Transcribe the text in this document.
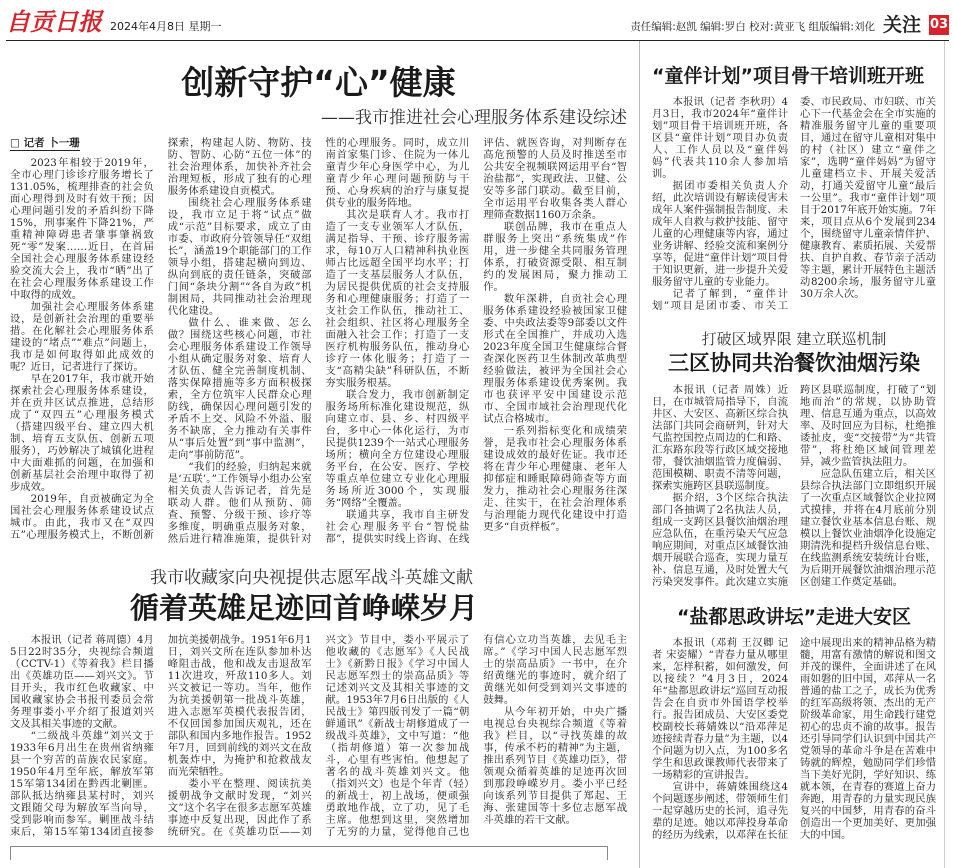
自贡日报 2024年4月8日 星期一	责任编辑:赵凯 编辑:罗白 校对:黄亚飞 组版编辑:刘化 关注 03
创新守护“心”健康
——我市推进社会心理服务体系建设综述
□ 记者 卜一珊

2023年相较于2019年，全市心理门诊诊疗服务增长了131.05%，梳理排查的社会负面心理得到及时有效干预；因心理问题引发的矛盾纠纷下降15%，刑事案件下降21%，严重精神障碍患者肇事肇祸致死“零”发案……近日，在首届全国社会心理服务体系建设经验交流大会上，我市“晒”出了在社会心理服务体系建设工作中取得的成效。

加强社会心理服务体系建设，是创新社会治理的重要举措。在化解社会心理服务体系建设的“堵点”“难点”问题上，我市是如何取得如此成效的呢？近日，记者进行了探访。

早在2017年，我市就开始探索社会心理服务体系建设，并在贡井区试点推进，总结形成了“双四五”心理服务模式（搭建四级平台、建立四大机制、培育五支队伍、创新五项服务），巧妙解决了城镇化进程中大面难抓的问题，在加强和创新基层社会治理中取得了初步成效。

2019年，自贡被确定为全国社会心理服务体系建设试点城市。由此，我市又在“双四五”心理服务模式上，不断创新探索，构建起人防、物防、技防、智防、心防“五位一体”的社会治理体系，加快补齐社会治理短板，形成了独有的心理服务体系建设自贡模式。

围绕社会心理服务体系建设，我市立足于将“试点”做成“示范”目标要求，成立了由市委、市政府分管领导任“双组长”，涵盖19个职能部门的工作领导小组，搭建起横向到边、纵向到底的责任链条，突破部门间“条块分割”“各自为政”机制困局，共同推动社会治理现代化建设。

做什么、谁来做、怎么做？围绕这些核心问题，市社会心理服务体系建设工作领导小组从确定服务对象、培育人才队伍、健全完善制度机制、落实保障措施等多方面积极探索，全方位筑牢人民群众心理防线，确保因心理问题引发的矛盾不上交、风险不外溢、服务不缺席，全力推动有关事件从“事后处置”到“事中监测”，走向“事前防范”。

“我们的经验，归纳起来就是‘五联’。”工作领导小组办公室相关负责人告诉记者，首先是联动人群。他们从预防、筛查、预警、分级干预、诊疗等多维度，明确重点服务对象，然后进行精准施策，提供针对性的心理服务。同时，成立川南首家集门诊、住院为一体儿童青少年心身医学中心，为儿童青少年心理问题预防与干预、心身疾病的治疗与康复提供专业的服务阵地。

其次是联育人才。我市打造了一支专业领军人才队伍，满足指导、干预、诊疗服务需求，每10万人口精神科执业医师占比远超全国平均水平；打造了一支基层服务人才队伍，为居民提供优质的社会支持服务和心理健康服务；打造了一支社会工作队伍，推动社工、社会组织、社区将心理服务全面融入社会工作；打造了一支医疗机构服务队伍，推动身心诊疗一体化服务；打造了一支“高精尖缺”科研队伍，不断夯实服务根基。

联合发力，我市创新制定服务场所标准化建设规范，纵向建立市、县、乡、村四级平台，多中心一体化运行，为市民提供1239个一站式心理服务场所；横向全方位建设心理服务平台，在公安、医疗、学校等重点单位建立专业化心理服务场所近3000个，实现服务“网络”全覆盖。

联通共享，我市自主研发社会心理服务平台“智悦盐都”，提供实时线上咨询、在线评估、就医咨询，对判断存在高危预警的人员及时推送至市公共安全视频联网运用平台“智治盐都”，实现政法、卫健、公安等多部门联动。截至目前，全市运用平台收集各类人群心理筛查数据1160万余条。

联创品牌，我市在重点人群服务上突出“系统集成”作用，进一步健全共同服务管理体系，打破资源受限、相互制约的发展困局，聚力推动工作。

数年深耕，自贡社会心理服务体系建设经验被国家卫健委、中央政法委等9部委以文件形式在全国推广，并成功入选2023年度全国卫生健康综合督查深化医药卫生体制改革典型经验做法，被评为全国社会心理服务体系建设优秀案例。我市也获评平安中国建设示范市、全国市域社会治理现代化试点合格城市。

一系列指标变化和成绩荣誉，是我市社会心理服务体系建设成效的最好佐证。我市还将在青少年心理健康、老年人抑郁症和睡眠障碍筛查等方面发力，推动社会心理服务往深走、往实干，在社会治理体系与治理能力现代化建设中打造更多“自贡样板”。

我市收藏家向央视提供志愿军战斗英雄文献
循着英雄足迹回首峥嵘岁月

本报讯（记者 蒋周德）4月5日22时35分，央视综合频道（CCTV-1）《等着我》栏目播出《英雄功臣——刘兴文》。节目开头，我市红色收藏家、中国收藏家协会书报刊委员会常务理事娄小平介绍了报道刘兴文及其相关事迹的文献。

“二级战斗英雄”刘兴文于1933年6月出生在贵州省纳雍县一个穷苦的苗族农民家庭。1950年4月至年底，解放军第15军第134团在黔西北剿匪。部队抵达纳雍县某村时，刘兴文跟随父母为解放军当向导，受到影响而参军。剿匪战斗结束后，第15军第134团直接参加抗美援朝战争。1951年6月1日，刘兴文所在连队参加朴达峰阻击战，他和战友击退敌军11次进攻，歼敌110多人。刘兴文被记一等功。当年，他作为抗美援朝第一批战斗英雄，进入志愿军英模代表报告团，不仅回国参加国庆观礼，还在部队和国内多地作报告。1952年7月，回到前线的刘兴文在敌机轰炸中，为掩护和抢救战友而光荣牺牲。

娄小平在整理、阅读抗美援朝战争文献时发现，“刘兴文”这个名字在很多志愿军英雄事迹中反复出现，因此作了系统研究。在《英雄功臣——刘兴文》节目中，娄小平展示了他收藏的《志愿军》《人民战士》《新黔日报》《学习中国人民志愿军烈士的崇高品质》等记述刘兴文及其相关事迹的文献。1953年7月6日出版的《人民战士》第四版刊发了一篇“朝鲜通讯”《新战士胡修道成了一级战斗英雄》，文中写道：“他（指胡修道）第一次参加战斗，心里有些害怕。他想起了著名的战斗英雄刘兴文。他（指刘兴文）也是个年青（轻）的新战士，初上战场，便顽强勇敢地作战，立了功，见了毛主席。他想到这里，突然增加了无穷的力量，觉得他自己也有信心立功当英雄，去见毛主席。”《学习中国人民志愿军烈士的崇高品质》一书中，在介绍黄继光的事迹时，就介绍了黄继光如何受到刘兴文事迹的鼓舞。

从今年初开始，中央广播电视总台央视综合频道《等着我》栏目，以“寻找英雄的故事，传承不朽的精神”为主题，推出系列节目《英雄功臣》，带领观众循着英雄的足迹再次回到那段峥嵘岁月。娄小平已经向该系列节目提供了郑起、王海、张建国等十多位志愿军战斗英雄的若干文献。

“童伴计划”项目骨干培训班开班

本报讯（记者 李秋玥）4月3日，我市2024年“童伴计划”项目骨干培训班开班，各区县“童伴计划”项目办负责人、工作人员以及“童伴妈妈”代表共110余人参加培训。

据团市委相关负责人介绍，此次培训设有解读侵害未成年人案件强制报告制度、未成年人自救与救护技能、留守儿童的心理健康等内容，通过业务讲解、经验交流和案例分享等，促进“童伴计划”项目骨干知识更新，进一步提升关爱服务留守儿童的专业能力。

记者了解到，“童伴计划”项目是团市委、市关工委、市民政局、市妇联、市关心下一代基金会在全市实施的精准服务留守儿童的重要项目，通过在留守儿童相对集中的村（社区）建立“童伴之家”，选聘“童伴妈妈”为留守儿童建档立卡、开展关爱活动，打通关爱留守儿童“最后一公里”。我市“童伴计划”项目于2017年底开始实施。7年来，项目点从6个发展到234个，围绕留守儿童亲情伴护、健康教育、素质拓展、关爱帮扶、自护自救、春节亲子活动等主题，累计开展特色主题活动8200余场，服务留守儿童30万余人次。

打破区域界限 建立联巡机制
三区协同共治餐饮油烟污染

本报讯（记者 周姝）近日，在市城管局指导下，自流井区、大安区、高新区综合执法部门共同会商研判，针对大气监控国控点周边的仁和路、汇东路东段等行政区域交接地带，餐饮油烟监管力度偏弱、范围模糊、职责不清等问题，探索实施跨区县联巡制度。

据介绍，3个区综合执法部门各抽调了2名执法人员，组成一支跨区县餐饮油烟治理应急队伍，在重污染天气应急响应期间，对重点区域餐饮油烟开展联合巡查，实现力量互补、信息互通，及时处置大气污染突发事件。此次建立实施跨区县联巡制度，打破了“划地而治”的常规，以协助管理、信息互通为重点，以高效率、及时回应为目标，杜绝推诿扯皮，变“交接带”为“共管带”，将杜绝区域间管理差异，减少监管执法阻力。

应急队伍建立后，相关区县综合执法部门立即组织开展了一次重点区域餐饮企业拉网式摸排，并将在4月底前分别建立餐饮业基本信息台账、规模以上餐饮业油烟净化设施定期清洗和提档升级信息台账、在线监测系统安装统计台账，为后期开展餐饮油烟治理示范区创建工作奠定基础。

“盐都思政讲坛”走进大安区

本报讯（邓莉 王汉卿 记者 宋姿耀）“青春力量从哪里来，怎样积蓄，如何激发，何以接续？”4月3日，2024年“盐都思政讲坛”巡回互动报告会在自贡市外国语学校举行。报告团成员、大安区委党校副校长蒋婧姝以“沿邓萍足迹接续青春力量”为主题，以4个问题为切入点，为100多名学生和思政课教师代表带来了一场精彩的宣讲报告。

宣讲中，蒋婧姝围绕这4个问题逐步阐述，带领师生们一起穿越历史的长河，追寻先辈的足迹。她以邓萍投身革命的经历为线索，以邓萍在长征途中展现出来的精神品格为精髓，用富有激情的解说和图文并茂的课件，全面讲述了在风雨如磐的旧中国，邓萍从一名普通的盐工之子，成长为优秀的红军高级将领、杰出的无产阶级革命家，用生命践行建党初心的忠贞不渝的故事。报告还引导同学们认识到中国共产党领导的革命斗争是在苦难中铸就的辉煌，勉励同学们珍惜当下美好光阴，学好知识、练就本领，在青春的赛道上奋力奔跑，用青春的力量实现民族复兴的中国梦，用青春的奋斗创造出一个更加美好、更加强大的中国。
